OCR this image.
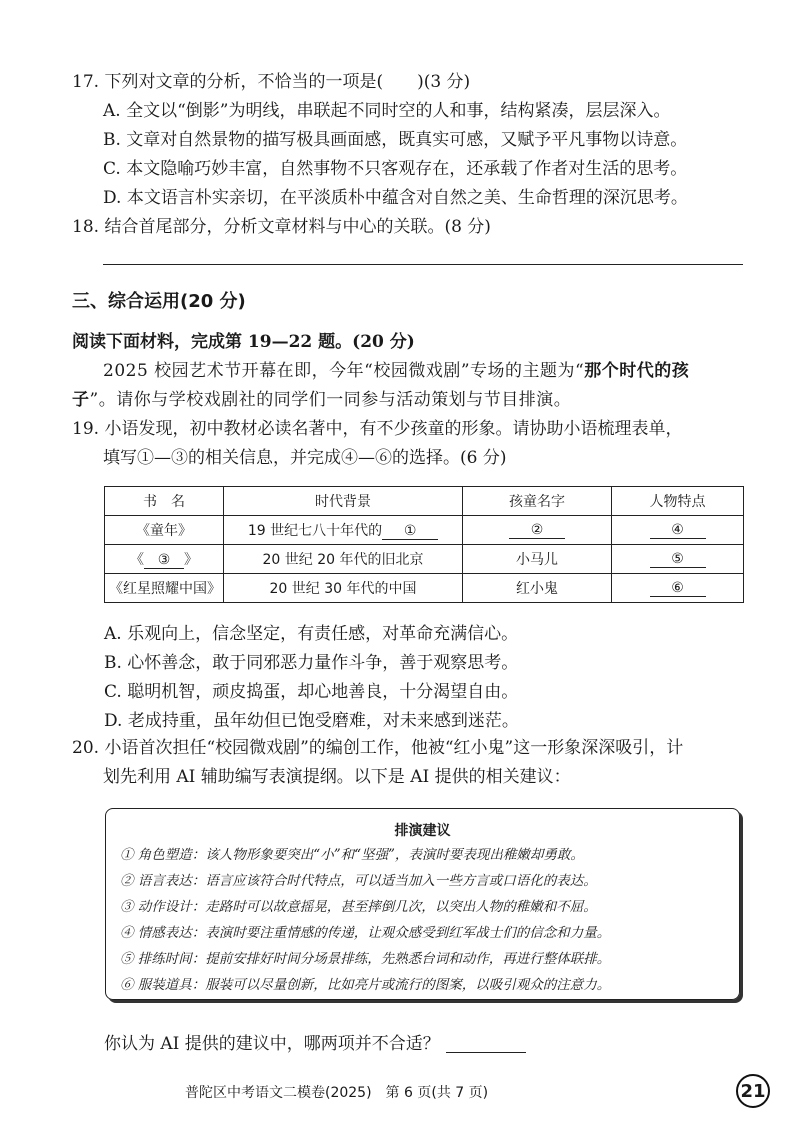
17. 下列对文章的分析，不恰当的一项是(　　)(3 分)
A. 全文以“倒影”为明线，串联起不同时空的人和事，结构紧凑，层层深入。
B. 文章对自然景物的描写极具画面感，既真实可感，又赋予平凡事物以诗意。
C. 本文隐喻巧妙丰富，自然事物不只客观存在，还承载了作者对生活的思考。
D. 本文语言朴实亲切，在平淡质朴中蕴含对自然之美、生命哲理的深沉思考。
18. 结合首尾部分，分析文章材料与中心的关联。(8 分)
三、综合运用(20 分)
阅读下面材料，完成第 19—22 题。(20 分)
2025 校园艺术节开幕在即，今年“校园微戏剧”专场的主题为“那个时代的孩
子”。请你与学校戏剧社的同学们一同参与活动策划与节目排演。
19. 小语发现，初中教材必读名著中，有不少孩童的形象。请协助小语梳理表单，
填写①—③的相关信息，并完成④—⑥的选择。(6 分)
书　名	时代背景	孩童名字	人物特点
《童年》	19 世纪七八十年代的 ①	②	④
《 ③ 》	20 世纪 20 年代的旧北京	小马儿	⑤
《红星照耀中国》	20 世纪 30 年代的中国	红小鬼	⑥
A. 乐观向上，信念坚定，有责任感，对革命充满信心。
B. 心怀善念，敢于同邪恶力量作斗争，善于观察思考。
C. 聪明机智，顽皮捣蛋，却心地善良，十分渴望自由。
D. 老成持重，虽年幼但已饱受磨难，对未来感到迷茫。
20. 小语首次担任“校园微戏剧”的编创工作，他被“红小鬼”这一形象深深吸引，计
划先利用 AI 辅助编写表演提纲。以下是 AI 提供的相关建议：
排演建议
① 角色塑造：该人物形象要突出“小”和“坚强”，表演时要表现出稚嫩却勇敢。
② 语言表达：语言应该符合时代特点，可以适当加入一些方言或口语化的表达。
③ 动作设计：走路时可以故意摇晃，甚至摔倒几次，以突出人物的稚嫩和不屈。
④ 情感表达：表演时要注重情感的传递，让观众感受到红军战士们的信念和力量。
⑤ 排练时间：提前安排好时间分场景排练，先熟悉台词和动作，再进行整体联排。
⑥ 服装道具：服装可以尽量创新，比如亮片或流行的图案，以吸引观众的注意力。
你认为 AI 提供的建议中，哪两项并不合适？
普陀区中考语文二模卷(2025)　第 6 页(共 7 页)	21
